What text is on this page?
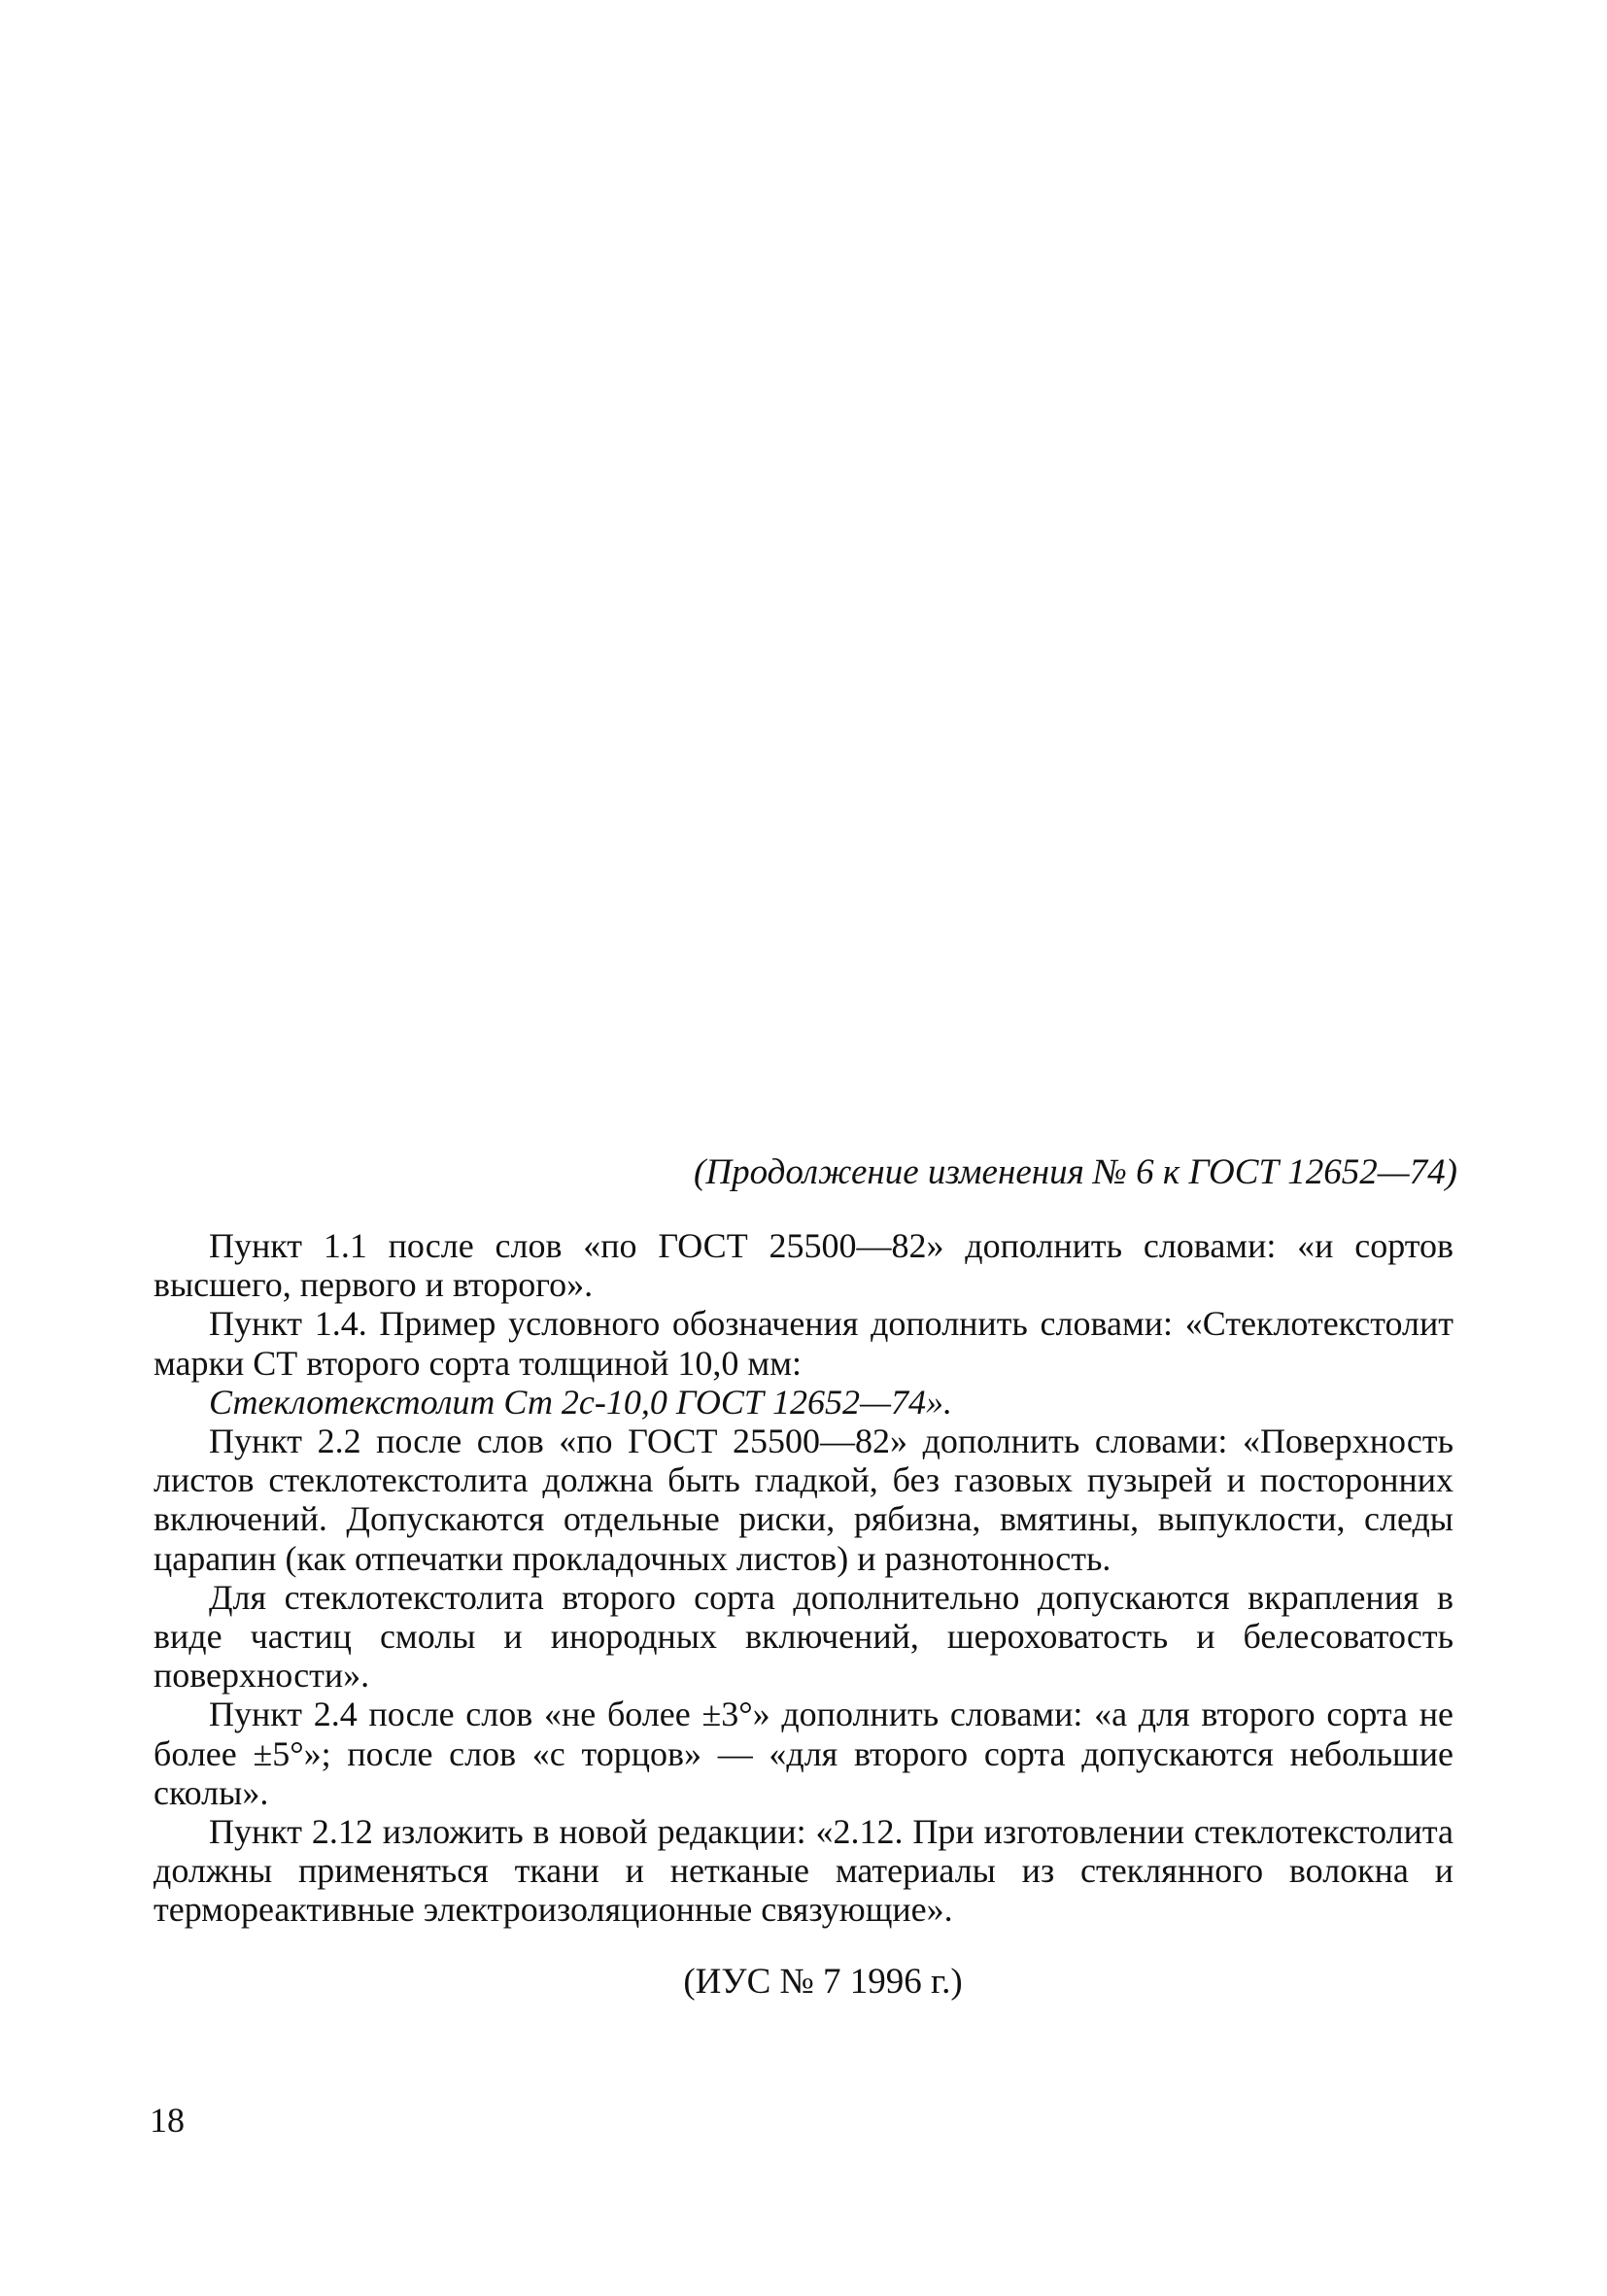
(Продолжение изменения № 6 к ГОСТ 12652—74)

Пункт 1.1 после слов «по ГОСТ 25500—82» дополнить словами: «и сортов высшего, первого и второго».

Пункт 1.4. Пример условного обозначения дополнить словами: «Стеклотекстолит марки СТ второго сорта толщиной 10,0 мм:

Стеклотекстолит Ст 2с-10,0 ГОСТ 12652—74».

Пункт 2.2 после слов «по ГОСТ 25500—82» дополнить словами: «Поверхность листов стеклотекстолита должна быть гладкой, без газовых пузырей и посторонних включений. Допускаются отдельные риски, рябизна, вмятины, выпуклости, следы царапин (как отпечатки прокладочных листов) и разнотонность.

Для стеклотекстолита второго сорта дополнительно допускаются вкрапления в виде частиц смолы и инородных включений, шероховатость и белесоватость поверхности».

Пункт 2.4 после слов «не более ±3°» дополнить словами: «а для второго сорта не более ±5°»; после слов «с торцов» — «для второго сорта допускаются небольшие сколы».

Пункт 2.12 изложить в новой редакции: «2.12. При изготовлении стеклотекстолита должны применяться ткани и нетканые материалы из стеклянного волокна и термореактивные электроизоляционные связующие».

(ИУС № 7 1996 г.)
18
